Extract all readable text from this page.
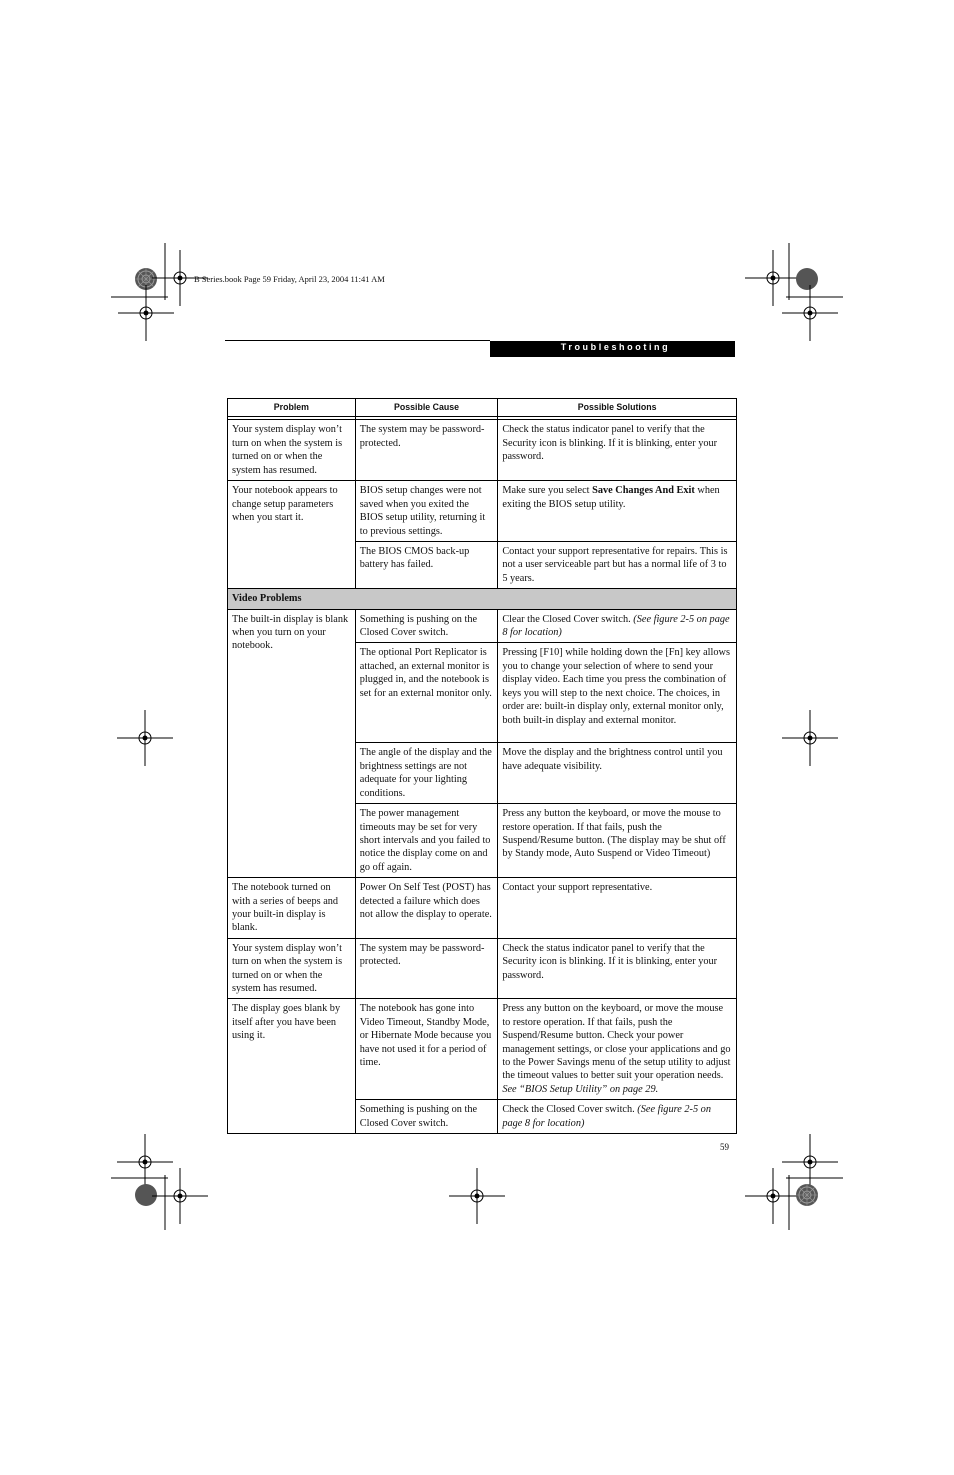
B Series.book Page 59 Friday, April 23, 2004 11:41 AM
Troubleshooting
Problem	Possible Cause	Possible Solutions

Your system display won’t turn on when the system is turned on or when the system has resumed.	The system may be password-protected.	Check the status indicator panel to verify that the Security icon is blinking. If it is blinking, enter your password.
Your notebook appears to change setup parameters when you start it.	BIOS setup changes were not saved when you exited the BIOS setup utility, returning it to previous settings.	Make sure you select Save Changes And Exit when exiting the BIOS setup utility.
	The BIOS CMOS back-up battery has failed.	Contact your support representative for repairs. This is not a user serviceable part but has a normal life of 3 to 5 years.
Video Problems		
The built-in display is blank when you turn on your notebook.	Something is pushing on the Closed Cover switch.	Clear the Closed Cover switch. (See figure 2-5 on page 8 for location)
	The optional Port Replicator is attached, an external monitor is plugged in, and the notebook is set for an external monitor only.	Pressing [F10] while holding down the [Fn] key allows you to change your selection of where to send your display video. Each time you press the combination of keys you will step to the next choice. The choices, in order are: built-in display only, external monitor only, both built-in display and external monitor.
	The angle of the display and the brightness settings are not adequate for your lighting conditions.	Move the display and the brightness control until you have adequate visibility.
	The power management timeouts may be set for very short intervals and you failed to notice the display come on and go off again.	Press any button the keyboard, or move the mouse to restore operation. If that fails, push the Suspend/Resume button. (The display may be shut off by Standy mode, Auto Suspend or Video Timeout)
The notebook turned on with a series of beeps and your built-in display is blank.	Power On Self Test (POST) has detected a failure which does not allow the display to operate.	Contact your support representative.
Your system display won’t turn on when the system is turned on or when the system has resumed.	The system may be password-protected.	Check the status indicator panel to verify that the Security icon is blinking. If it is blinking, enter your password.
The display goes blank by itself after you have been using it.	The notebook has gone into Video Timeout, Standby Mode, or Hibernate Mode because you have not used it for a period of time.	Press any button on the keyboard, or move the mouse to restore operation. If that fails, push the Suspend/Resume button. Check your power management settings, or close your applications and go to the Power Savings menu of the setup utility to adjust the timeout values to better suit your operation needs. See “BIOS Setup Utility” on page 29.
	Something is pushing on the Closed Cover switch.	Check the Closed Cover switch. (See figure 2-5 on page 8 for location)
59
